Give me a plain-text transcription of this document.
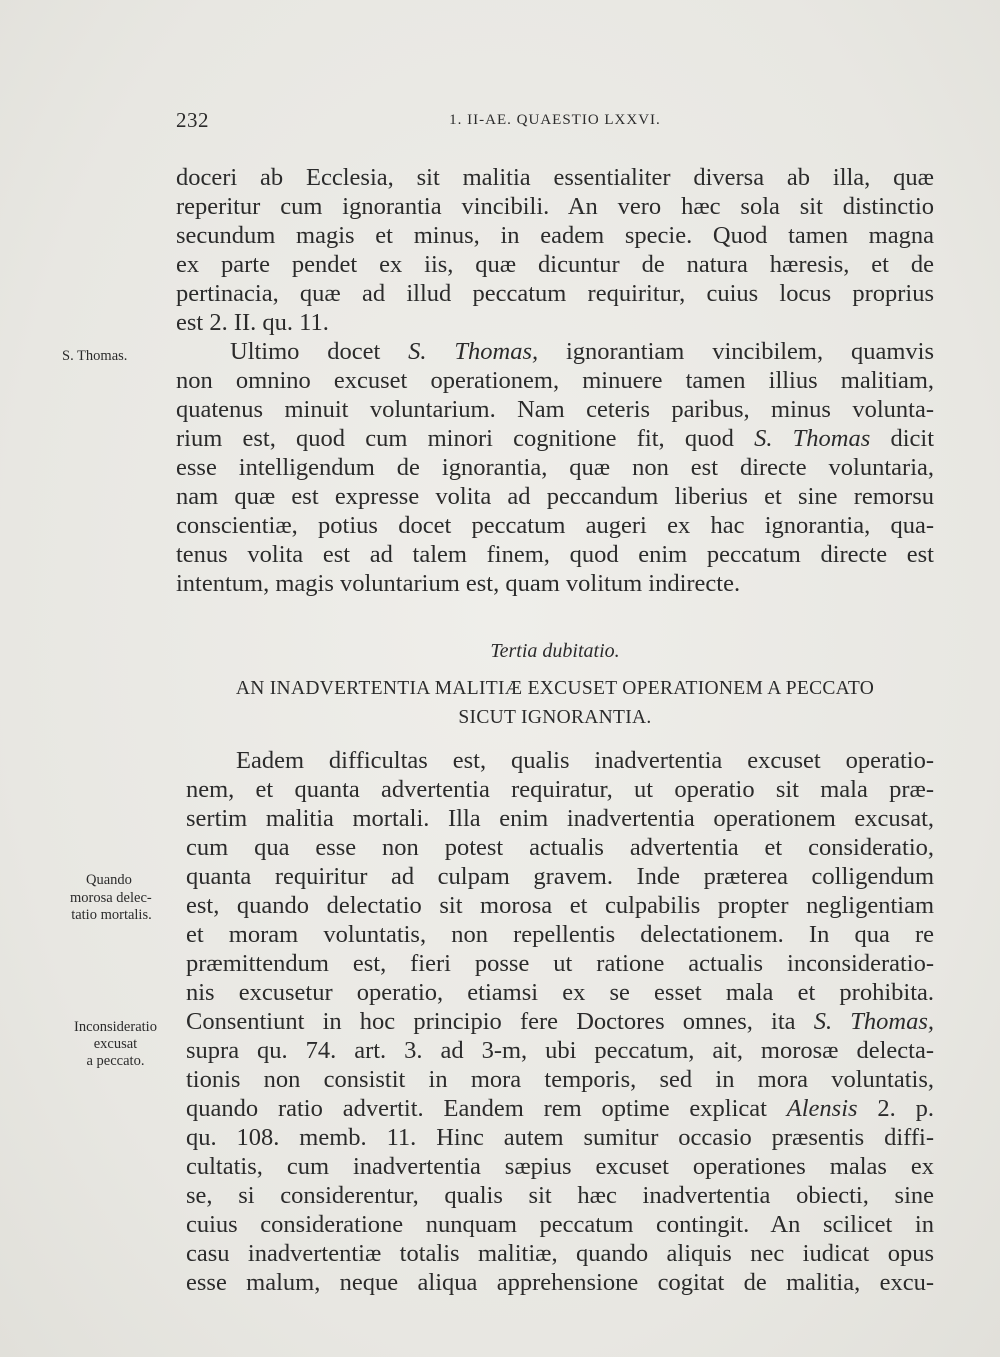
232	1. II-AE. QUAESTIO LXXVI.
doceri ab Ecclesia, sit malitia essentialiter diversa ab illa, quæ
reperitur cum ignorantia vincibili. An vero hæc sola sit distinctio
secundum magis et minus, in eadem specie. Quod tamen magna
ex parte pendet ex iis, quæ dicuntur de natura hæresis, et de
pertinacia, quæ ad illud peccatum requiritur, cuius locus proprius
est 2. II. qu. 11.
S. Thomas.	Ultimo docet S. Thomas, ignorantiam vincibilem, quamvis
non omnino excuset operationem, minuere tamen illius malitiam,
quatenus minuit voluntarium. Nam ceteris paribus, minus volunta-
rium est, quod cum minori cognitione fit, quod S. Thomas dicit
esse intelligendum de ignorantia, quæ non est directe voluntaria,
nam quæ est expresse volita ad peccandum liberius et sine remorsu
conscientiæ, potius docet peccatum augeri ex hac ignorantia, qua-
tenus volita est ad talem finem, quod enim peccatum directe est
intentum, magis voluntarium est, quam volitum indirecte.
Tertia dubitatio.
AN INADVERTENTIA MALITIÆ EXCUSET OPERATIONEM A PECCATO
SICUT IGNORANTIA.
Quando
morosa delec-
tatio mortalis.
Inconsideratio
excusat
a peccato.
Eadem difficultas est, qualis inadvertentia excuset operatio-
nem, et quanta advertentia requiratur, ut operatio sit mala præ-
sertim malitia mortali. Illa enim inadvertentia operationem excusat,
cum qua esse non potest actualis advertentia et consideratio,
quanta requiritur ad culpam gravem. Inde præterea colligendum
est, quando delectatio sit morosa et culpabilis propter negligentiam
et moram voluntatis, non repellentis delectationem. In qua re
præmittendum est, fieri posse ut ratione actualis inconsideratio-
nis excusetur operatio, etiamsi ex se esset mala et prohibita.
Consentiunt in hoc principio fere Doctores omnes, ita S. Thomas,
supra qu. 74. art. 3. ad 3-m, ubi peccatum, ait, morosæ delecta-
tionis non consistit in mora temporis, sed in mora voluntatis,
quando ratio advertit. Eandem rem optime explicat Alensis 2. p.
qu. 108. memb. 11. Hinc autem sumitur occasio præsentis diffi-
cultatis, cum inadvertentia sæpius excuset operationes malas ex
se, si considerentur, qualis sit hæc inadvertentia obiecti, sine
cuius consideratione nunquam peccatum contingit. An scilicet in
casu inadvertentiæ totalis malitiæ, quando aliquis nec iudicat opus
esse malum, neque aliqua apprehensione cogitat de malitia, excu-
